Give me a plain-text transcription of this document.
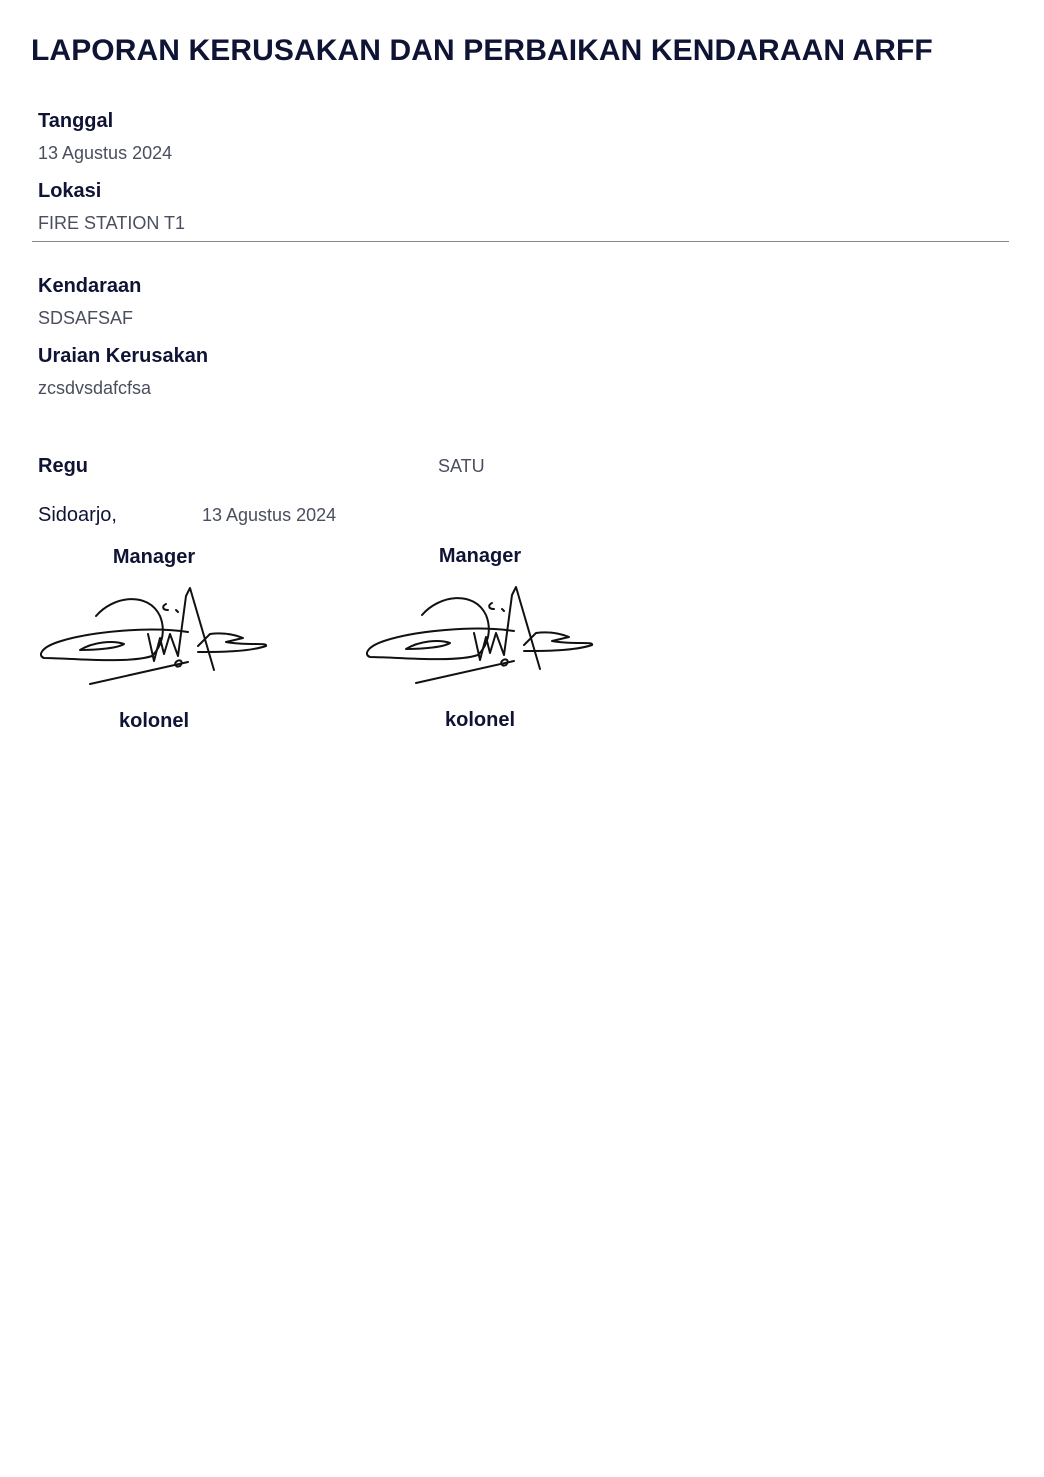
LAPORAN KERUSAKAN DAN PERBAIKAN KENDARAAN ARFF
Tanggal
13 Agustus 2024
Lokasi
FIRE STATION T1
Kendaraan
SDSAFSAF
Uraian Kerusakan
zcsdvsdafcfsa
Regu	SATU
Sidoarjo,	13 Agustus 2024
Manager
kolonel
Manager
kolonel
